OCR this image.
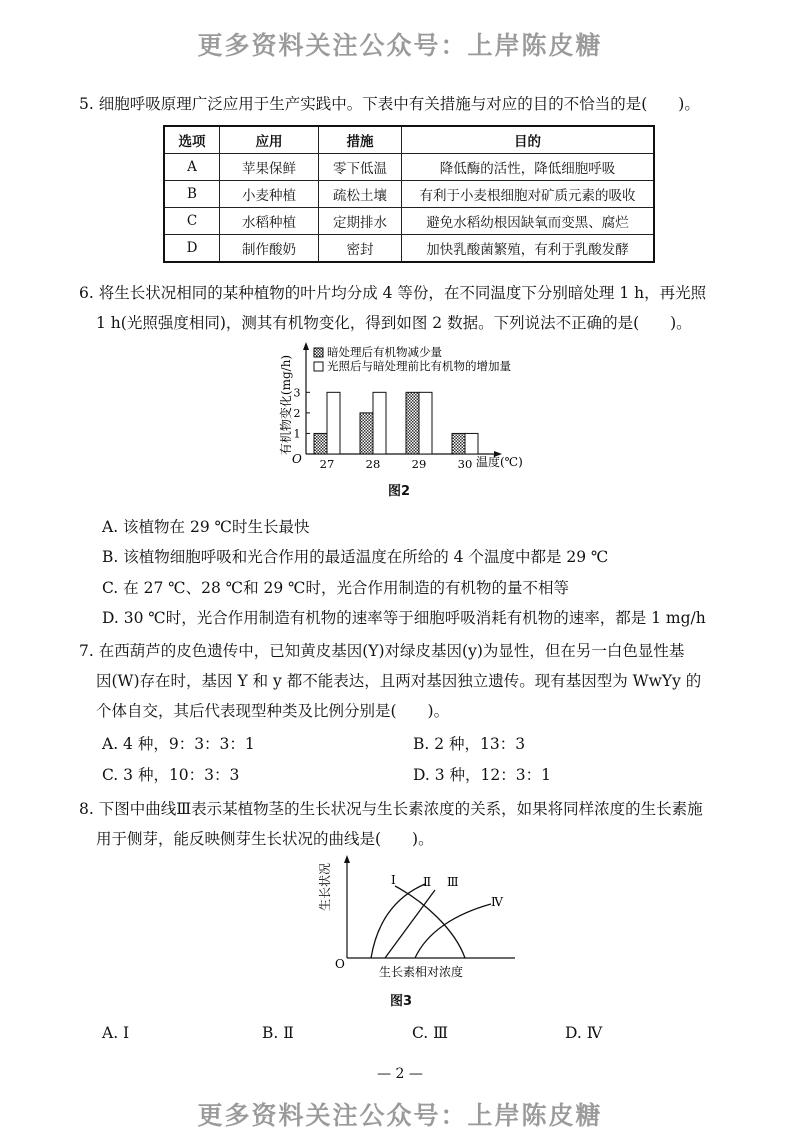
更多资料关注公众号：上岸陈皮糖
5. 细胞呼吸原理广泛应用于生产实践中。下表中有关措施与对应的目的不恰当的是(　　)。
选项	应用	措施	目的
A	苹果保鲜	零下低温	降低酶的活性，降低细胞呼吸
B	小麦种植	疏松土壤	有利于小麦根细胞对矿质元素的吸收
C	水稻种植	定期排水	避免水稻幼根因缺氧而变黑、腐烂
D	制作酸奶	密封	加快乳酸菌繁殖，有利于乳酸发酵
6. 将生长状况相同的某种植物的叶片均分成 4 等份，在不同温度下分别暗处理 1 h，再光照
1 h(光照强度相同)，测其有机物变化，得到如图 2 数据。下列说法不正确的是(　　)。
有机物变化(mg/h)
O	温度(℃)
暗处理后有机物减少量
光照后与暗处理前比有机物的增加量
1
2
3
27	28	29	30
图2
A. 该植物在 29 ℃时生长最快
B. 该植物细胞呼吸和光合作用的最适温度在所给的 4 个温度中都是 29 ℃
C. 在 27 ℃、28 ℃和 29 ℃时，光合作用制造的有机物的量不相等
D. 30 ℃时，光合作用制造有机物的速率等于细胞呼吸消耗有机物的速率，都是 1 mg/h
7. 在西葫芦的皮色遗传中，已知黄皮基因(Y)对绿皮基因(y)为显性，但在另一白色显性基
因(W)存在时，基因 Y 和 y 都不能表达，且两对基因独立遗传。现有基因型为 WwYy 的
个体自交，其后代表现型种类及比例分别是(　　)。
A. 4 种，9：3：3：1	B. 2 种，13：3
C. 3 种，10：3：3	D. 3 种，12：3：1
8. 下图中曲线Ⅲ表示某植物茎的生长状况与生长素浓度的关系，如果将同样浓度的生长素施
用于侧芽，能反映侧芽生长状况的曲线是(　　)。
生长状况
O
生长素相对浓度
Ⅰ Ⅱ Ⅲ
Ⅳ
图3
A. Ⅰ	B. Ⅱ	C. Ⅲ	D. Ⅳ
— 2 —
更多资料关注公众号：上岸陈皮糖
